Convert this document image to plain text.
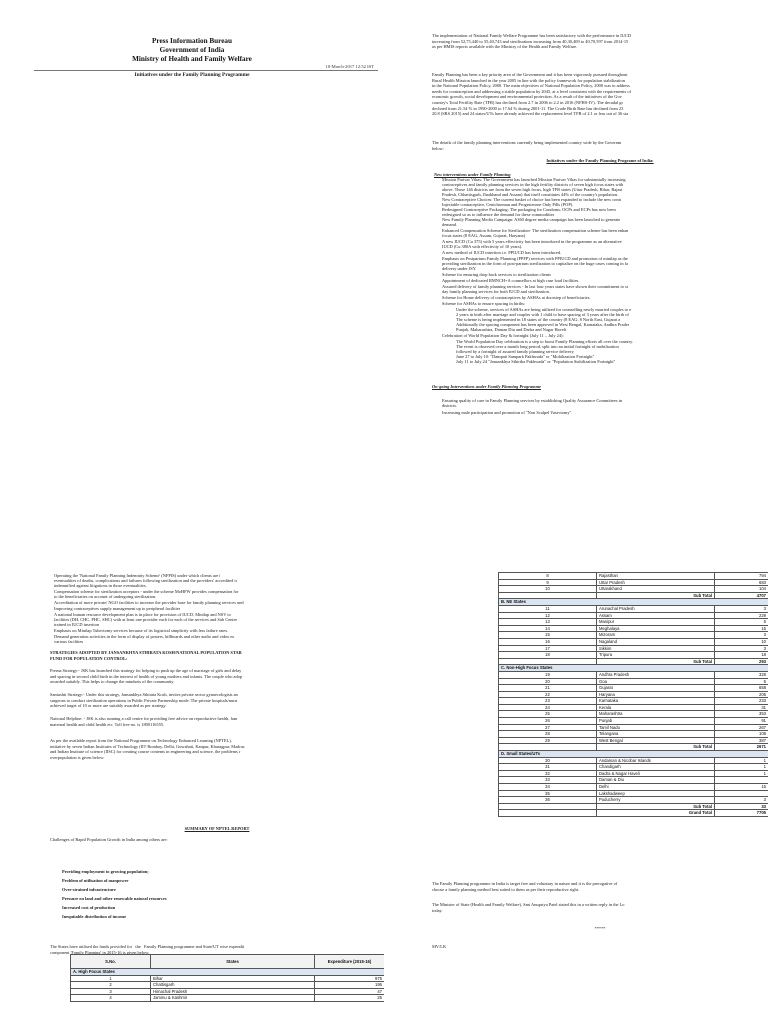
Press Information Bureau
Government of India
Ministry of Health and Family Welfare
10-March-2017 12:52 IST
Initiatives under the Family Planning Programme
The implementation of National Family Welfare Programme has been satisfactory with the performance in IUCD
increasing from 52,75,440 to 55,40,743 and sterilisations increasing from 40,30,409 to 40,70,597 from 2014-15
as per HMIS reports available with the Ministry of the Health and Family Welfare.
Family Planning has been a key priority area of the Government and it has been vigorously pursued throughout
Rural Health Mission launched in the year 2005 in line with the policy framework for population stabilization
in the National Population Policy, 2000. The main objectives of National Population Policy, 2000 was to address
needs for contraception and addressing a stable population by 2045, at a level consistent with the requirements of
economic growth, social development and environmental protection. As a result of the initiatives of the Gov
country's Total Fertility Rate (TFR) has declined from 2.7 in 2006 to 2.2 in 2016 (NFHS-IV). The decadal gr
declined from 21.54 % in 1990-2000 to 17.64 % during 2001-11. The Crude Birth Rate has declined from 23
20.8 (SRS 2015) and 24 states/UTs have already achieved the replacement level TFR of 2.1 or less out of 36 sta
The details of the family planning interventions currently being implemented country wide by the Governm
below:
Initiatives under the Family Planning Programe of India:
New interventions under Family Planning
• Mission Parivar Vikas: The Government has launched Mission Parivar Vikas for substantially increasing
contraceptives and family planning services in the high fertility districts of seven high focus states with
above. These 146 districts are from the seven high focus, high TFR states (Uttar Pradesh, Bihar, Rajast
Pradesh, Chhattisgarh, Jharkhand and Assam) that itself constitutes 44% of the country's population.
• New Contraceptive Choices: The current basket of choice has been expanded to include the new contr
Injectable contraceptive, Centchroman and Progesterone Only Pills (POP).
• Redesigned Contraceptive Packaging: The packaging for Condoms, OCPs and ECPs has now been
redesigned so as to influence the demand for these commodities
• New Family Planning Media Campaign: A360 degree media campaign has been launched to generate
demand.
• Enhanced Compensation Scheme for Sterilization- The sterilization compensation scheme has been enhan
focus states (8 EAG, Assam, Gujarat, Haryana)
• A new IUCD (Cu 375) with 5 years effectivity has been introduced in the programme as an alternative
IUCD (Cu 380A with effectivity of 10 years).
• A new method of IUCD insertion i.e. PPIUCD has been introduced.
• Emphasis on Postpartum Family Planning (PPFP) services with PPIUCD and promotion of minilap as the
providing sterilization in the form of post-partum sterilization to capitalize on the huge cases coming in fa
delivery under JSY.
• Scheme for ensuring drop back services to sterilization clients
• Appointment of dedicated RMNCH+A counsellors at high case load facilities.
• Assured delivery of family planning services - In last four years states have shown their commitment to st
day family planning services for both IUCD and sterilization.
• Scheme for Home delivery of contraceptives by ASHAs at doorstep of beneficiaries.
• Scheme for ASHAs to ensure spacing in births:
○ Under the scheme, services of ASHAs are being utilized for counselling newly married couples to e
2 years in birth after marriage and couples with 1 child to have spacing of 3 years after the birth of
○ The scheme is being implemented in 18 states of the country (8 EAG, 8 North East, Gujarat a
Additionally the spacing component has been approved in West Bengal, Karnataka, Andhra Prades
Punjab, Maharashtra, Daman Diu and Dadra and Nagar Haveli
• Celebration of World Population Day & fortnight (July 11 – July 24):
○ The World Population Day celebration is a step to boost Family Planning efforts all over the country.
○ The event is observed over a month long period, split into an initial fortnight of mobilization
followed by a fortnight of assured family planning service delivery.
○ June 27 to July 10: "Dampati Sampark Pakhwada" or "Mobilization Fortnight"
○ July 11 to July 24 "Jansankhya Sthirtha Pakhwada" or "Population Stabilization Fortnight"
On-going Interventions under Family Planning Programme
• Ensuring quality of care in Family Planning services by establishing Quality Assurance Committees in
districts.
• Increasing male participation and promotion of "Non Scalpel Vasectomy".
• Operating the 'National Family Planning Indemnity Scheme' (NFPIS) under which clients are i
eventualities of deaths, complications and failures following sterilization and the providers' accredited ir
indemnified against litigations in those eventualities.
• Compensation scheme for sterilization acceptors - under the scheme MoHFW provides compensation for
to the beneficiaries on account of undergoing sterilization.
• Accreditation of more private/ NGO facilities to increase the provider base for family planning services und
• Improving contraceptives supply management up to peripheral facilities
• A national human resource development plan is in place for provision of IUCD, Minilap and NSV to
facilities (DH, CHC, PHC, SHC) with at least one provider each for each of the services and Sub Centre
trained in IUCD insertion
• Emphasis on Minilap Tubectomy services because of its logistical simplicity with less failure rates.
• Demand generation activities in the form of display of posters, billboards and other audio and video m
various facilities
STRATEGIES ADOPTED BY JANSANKHYA STHIRATA KOSH/NATIONAL POPULATION STAB
FUND FOR POPULATION CONTROL:
Prerna Strategy:- JSK has launched this strategy for helping to push up the age of marriage of girls and delay
and spacing in second child birth in the interest of health of young mothers and infants. The couple who adop
awarded suitably. This helps to change the mindsets of the community.
Santushti Strategy:- Under this strategy, Jansankhya Sthirata Kosh, invites private sector gynaecologists an
surgeons to conduct sterilization operations in Public Private Partnership mode. The private hospitals/nursi
achieved target of 10 or more are suitably awarded as per strategy.
National Helpline: - JSK is also running a call centre for providing free advice on reproductive health, fam
maternal health and child health etc. Toll free no. is 1800116555.
As per the available report from the National Programme on Technology Enhanced Learning (NPTEL),
initiative by seven Indian Institutes of Technology (IIT Bombay, Delhi, Guwahati, Kanpur, Kharagpur, Madras
and Indian Institute of science (IISC) for creating course contents in engineering and science, the problems r
overpopulation is given below:
SUMMARY OF NPTEL REPORT
Challenges of Rapid Population Growth in India among others are:
• Providing employment to growing population;
• Problem of utilisation of manpower
• Over-strained infrastructure
• Pressure on land and other renewable natural resources
• Increased cost of production
• Inequitable distribution of income
The States have utilised the funds provided for   the   Family Planning programme and State/UT wise expendit
component 'Family Planning' in 2015-16 is given below:
S.No.	States	Expenditure (2015-16)
A. High Focus States		
1	Bihar	975
2	Chattisgarh	195
3	Himachal Pradesh	47
4	Jammu & Kashmir	25
8	Rajasthan	794
9	Uttar Pradesh	683
10	Uttarakhand	104
	Sub Total	4707
B. NE States		
11	Arunachal Pradesh	3
12	Assam	229
13	Manipur	5
14	Meghalaya	15
15	Mizoram	3
16	Nagaland	10
17	Sikkim	3
18	Tripura	18
	Sub Total	293
C. Non-High Focus States		
19	Andhra Pradesh	328
20	Goa	5
21	Gujarat	658
22	Haryana	205
23	Karnataka	233
24	Kerala	31
25	Maharashtra	353
26	Punjab	91
27	Tamil Nadu	267
28	Telangana	108
29	West Bengal	387
	Sub Total	2671
D. Small States/UTs		
30	Andaman & Nicobar Islands	1
31	Chandigarh	1
32	Dadra & Nagar Haveli	1
33	Daman & Diu	
34	Delhi	15
35	Lakshadweep	
36	Puducherry	3
	Sub Total	33
	Grand Total	7705
The Family Planning programme in India is target free and voluntary in nature and it is the prerogative of
choose a family planning method best suited to them as per their reproductive right.
The Minister of State (Health and Family Welfare), Smt Anupriya Patel stated this in a written reply in the Lo
today.
*****
MV/LK
